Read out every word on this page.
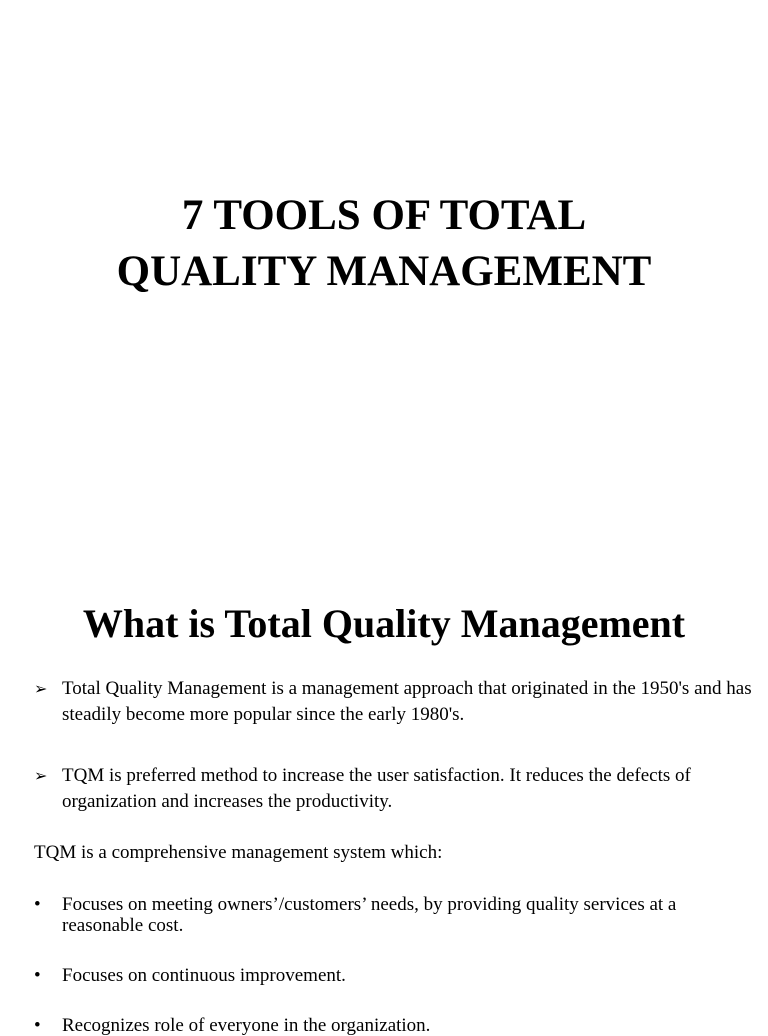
7 TOOLS OF TOTAL
QUALITY MANAGEMENT
What is Total Quality Management
➢ Total Quality Management is a management approach that originated in the 1950's and has steadily become more popular since the early 1980's.
➢ TQM is preferred method to increase the user satisfaction. It reduces the defects of organization and increases the productivity.
TQM is a comprehensive management system which:
•	Focuses on meeting owners’/customers’ needs, by providing quality services at a reasonable cost.
•	Focuses on continuous improvement.
•	Recognizes role of everyone in the organization.
